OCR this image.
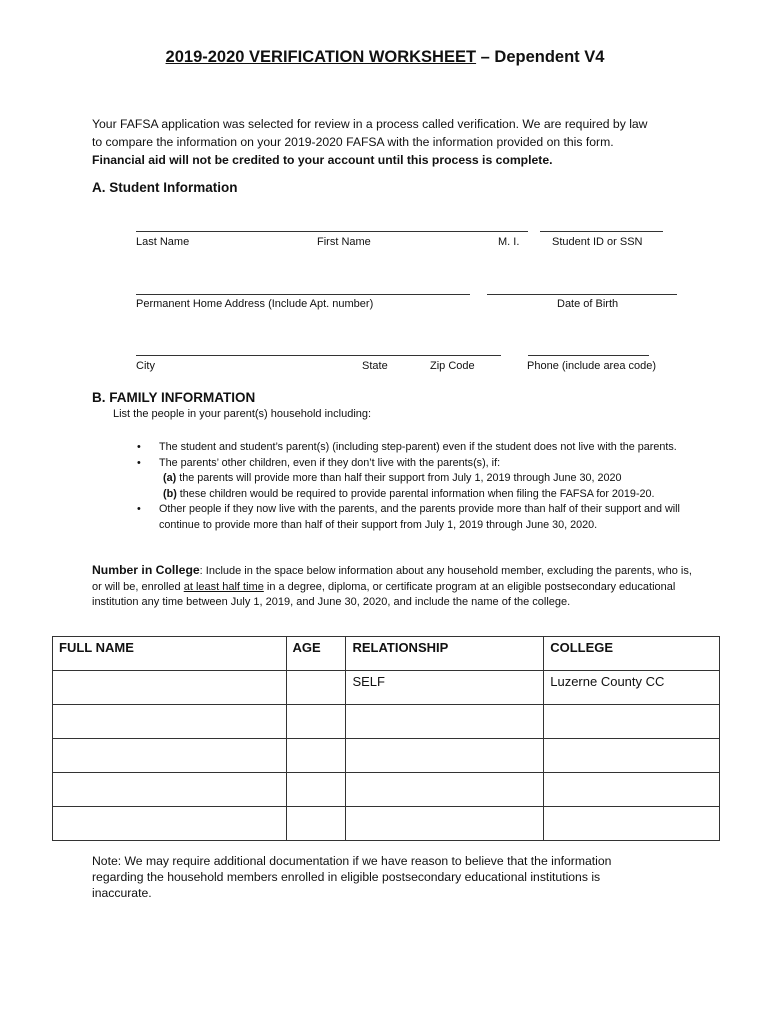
2019-2020 VERIFICATION WORKSHEET – Dependent V4
Your FAFSA application was selected for review in a process called verification. We are required by law
to compare the information on your 2019-2020 FAFSA with the information provided on this form.
Financial aid will not be credited to your account until this process is complete.
A. Student Information
Last Name	First Name	M. I.	Student ID or SSN
Permanent Home Address (Include Apt. number)	Date of Birth
City	State	Zip Code	Phone (include area code)
B. FAMILY INFORMATION
List the people in your parent(s) household including:
•	The student and student’s parent(s) (including step-parent) even if the student does not live with the parents.
•	The parents’ other children, even if they don’t live with the parents(s), if:
(a) the parents will provide more than half their support from July 1, 2019 through June 30, 2020
(b) these children would be required to provide parental information when filing the FAFSA for 2019-20.
•	Other people if they now live with the parents, and the parents provide more than half of their support and will continue to provide more than half of their support from July 1, 2019 through June 30, 2020.
Number in College: Include in the space below information about any household member, excluding the parents, who is, or will be, enrolled at least half time in a degree, diploma, or certificate program at an eligible postsecondary educational institution any time between July 1, 2019, and June 30, 2020, and include the name of the college.
FULL NAME	AGE	RELATIONSHIP	COLLEGE
		SELF	Luzerne County CC

Note: We may require additional documentation if we have reason to believe that the information regarding the household members enrolled in eligible postsecondary educational institutions is inaccurate.
